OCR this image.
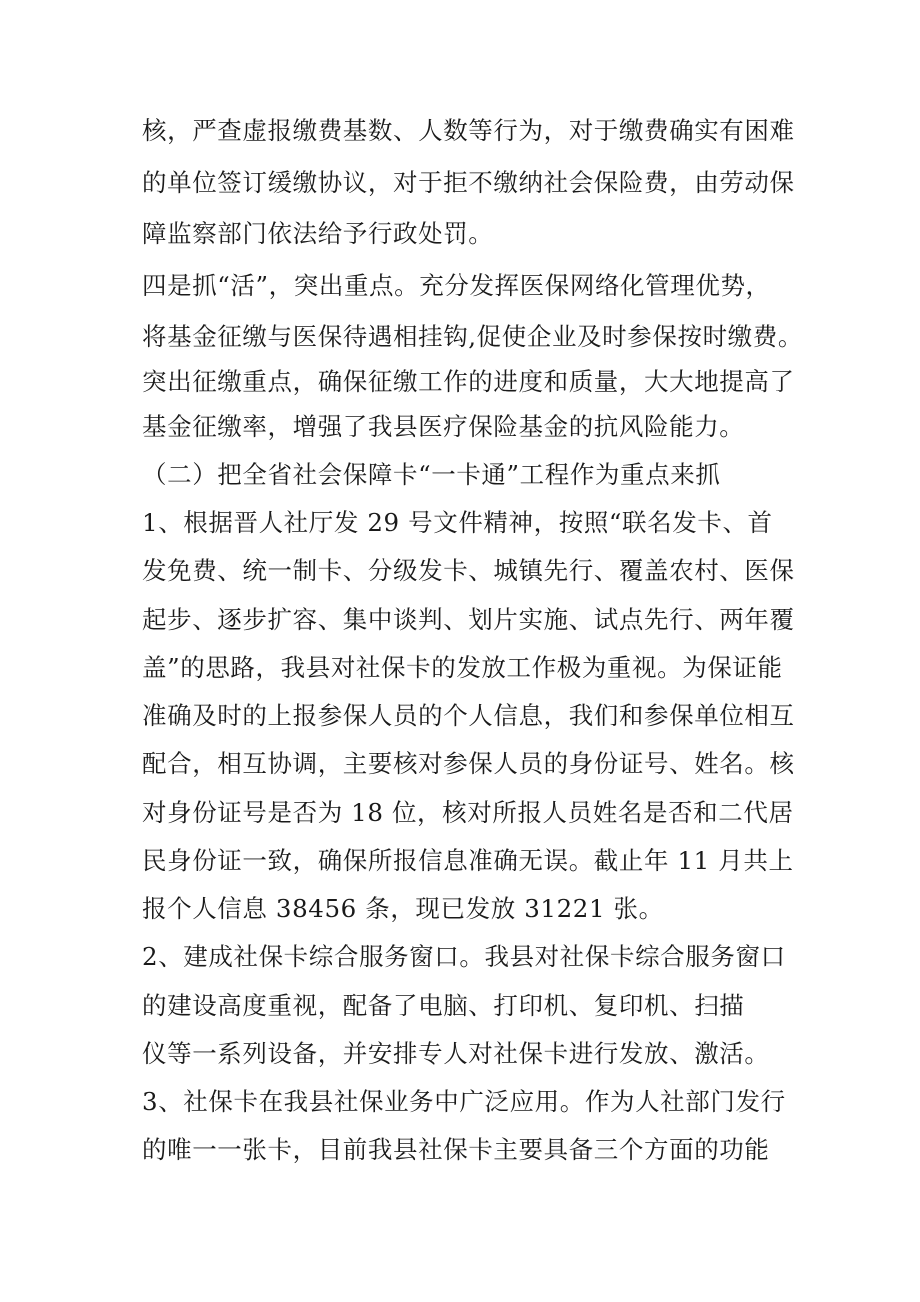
核，严查虚报缴费基数、人数等行为，对于缴费确实有困难
的单位签订缓缴协议，对于拒不缴纳社会保险费，由劳动保
障监察部门依法给予行政处罚。
四是抓“活”，突出重点。充分发挥医保网络化管理优势，
将基金征缴与医保待遇相挂钩,促使企业及时参保按时缴费。
突出征缴重点，确保征缴工作的进度和质量，大大地提高了
基金征缴率，增强了我县医疗保险基金的抗风险能力。
（二）把全省社会保障卡“一卡通”工程作为重点来抓
1、根据晋人社厅发 29 号文件精神，按照“联名发卡、首
发免费、统一制卡、分级发卡、城镇先行、覆盖农村、医保
起步、逐步扩容、集中谈判、划片实施、试点先行、两年覆
盖”的思路，我县对社保卡的发放工作极为重视。为保证能
准确及时的上报参保人员的个人信息，我们和参保单位相互
配合，相互协调，主要核对参保人员的身份证号、姓名。核
对身份证号是否为 18 位，核对所报人员姓名是否和二代居
民身份证一致，确保所报信息准确无误。截止年 11 月共上
报个人信息 38456 条，现已发放 31221 张。
2、建成社保卡综合服务窗口。我县对社保卡综合服务窗口
的建设高度重视，配备了电脑、打印机、复印机、扫描
仪等一系列设备，并安排专人对社保卡进行发放、激活。
3、社保卡在我县社保业务中广泛应用。作为人社部门发行
的唯一一张卡，目前我县社保卡主要具备三个方面的功能
